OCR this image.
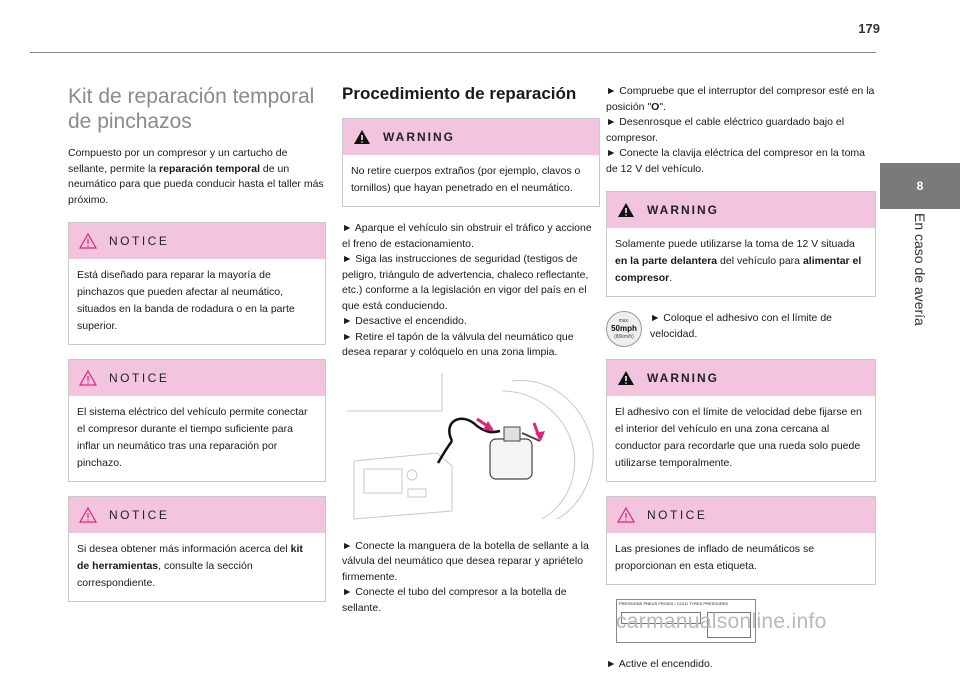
179
8
En caso de avería
Kit de reparación temporal
de pinchazos

Compuesto por un compresor y un cartucho de sellante, permite la reparación temporal de un neumático para que pueda conducir hasta el taller más próximo.

NOTICE
Está diseñado para reparar la mayoría de pinchazos que pueden afectar al neumático, situados en la banda de rodadura o en la parte superior.
NOTICE
El sistema eléctrico del vehículo permite conectar el compresor durante el tiempo suficiente para inflar un neumático tras una reparación por pinchazo.
NOTICE
Si desea obtener más información acerca del kit de herramientas, consulte la sección correspondiente.
Procedimiento de reparación
WARNING
No retire cuerpos extraños (por ejemplo, clavos o tornillos) que hayan penetrado en el neumático.

► Aparque el vehículo sin obstruir el tráfico y accione el freno de estacionamiento.

► Siga las instrucciones de seguridad (testigos de peligro, triángulo de advertencia, chaleco reflectante, etc.) conforme a la legislación en vigor del país en el que está conduciendo.

► Desactive el encendido.

► Retire el tapón de la válvula del neumático que desea reparar y colóquelo en una zona limpia.

► Conecte la manguera de la botella de sellante a la válvula del neumático que desea reparar y apriételo firmemente.

► Conecte el tubo del compresor a la botella de sellante.

► Compruebe que el interruptor del compresor esté en la posición "O".

► Desenrosque el cable eléctrico guardado bajo el compresor.

► Conecte la clavija eléctrica del compresor en la toma de 12 V del vehículo.

WARNING
Solamente puede utilizarse la toma de 12 V situada en la parte delantera del vehículo para alimentar el compresor.
max.
50mph
(80km/h)

► Coloque el adhesivo con el límite de velocidad.

WARNING
El adhesivo con el límite de velocidad debe fijarse en el interior del vehículo en una zona cercana al conductor para recordarle que una rueda solo puede utilizarse temporalmente.
NOTICE
Las presiones de inflado de neumáticos se proporcionan en esta etiqueta.
PRESSIONS PNEUS FROIDS / COLD TYRES PRESSURES

► Active el encendido.

carmanualsonline.info
